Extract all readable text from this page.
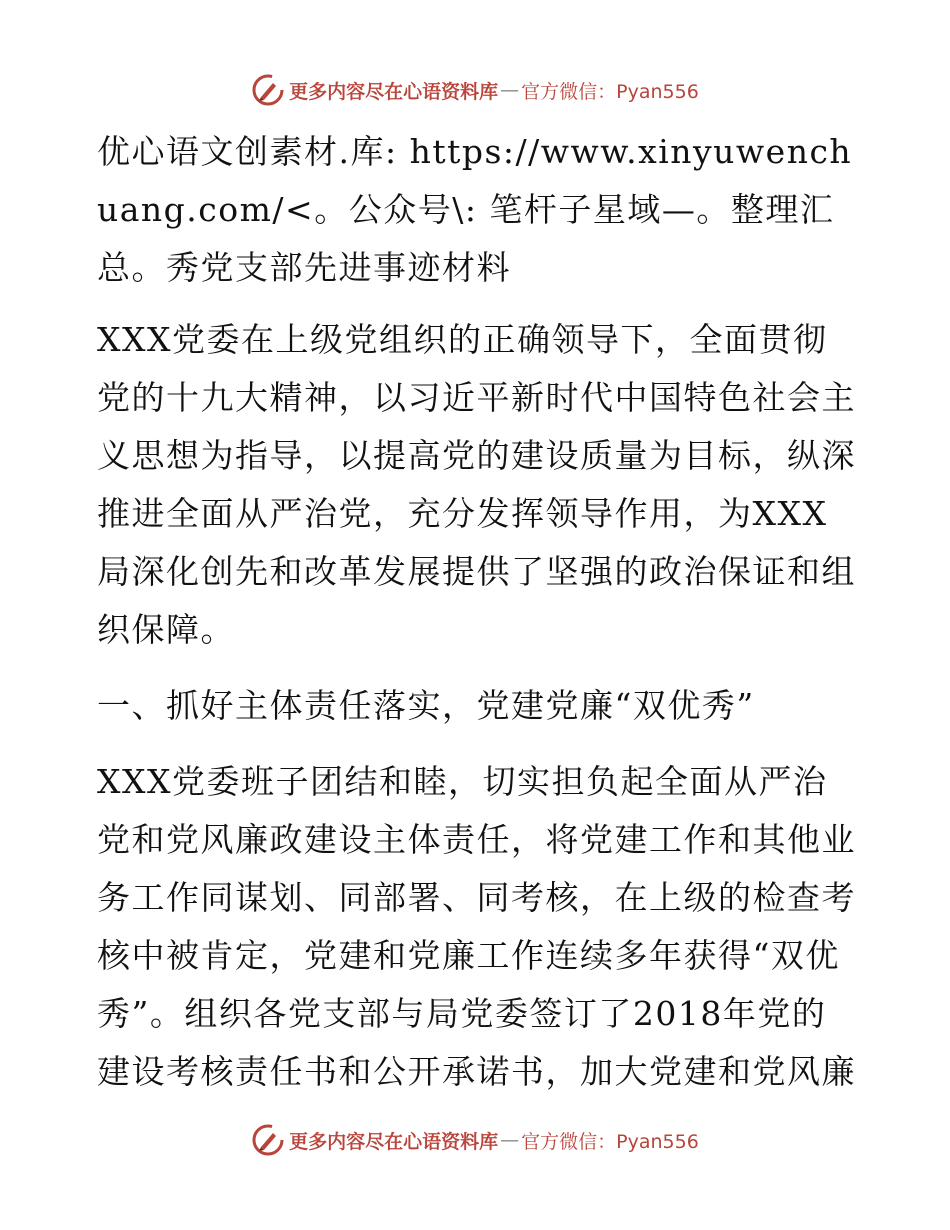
更多内容尽在心语资料库 — 官方微信：Pyan556

优心语文创素材.库: https://www.xinyuwenchuang.com/<。公众号\: 笔杆子星域—。整理汇总。秀党支部先进事迹材料

XXX党委在上级党组织的正确领导下，全面贯彻党的十九大精神，以习近平新时代中国特色社会主义思想为指导，以提高党的建设质量为目标，纵深推进全面从严治党，充分发挥领导作用，为XXX局深化创先和改革发展提供了坚强的政治保证和组织保障。

一、抓好主体责任落实，党建党廉“双优秀”

XXX党委班子团结和睦，切实担负起全面从严治党和党风廉政建设主体责任，将党建工作和其他业务工作同谋划、同部署、同考核，在上级的检查考核中被肯定，党建和党廉工作连续多年获得“双优秀”。组织各党支部与局党委签订了2018年党的建设考核责任书和公开承诺书，加大党建和党风廉

更多内容尽在心语资料库 — 官方微信：Pyan556
